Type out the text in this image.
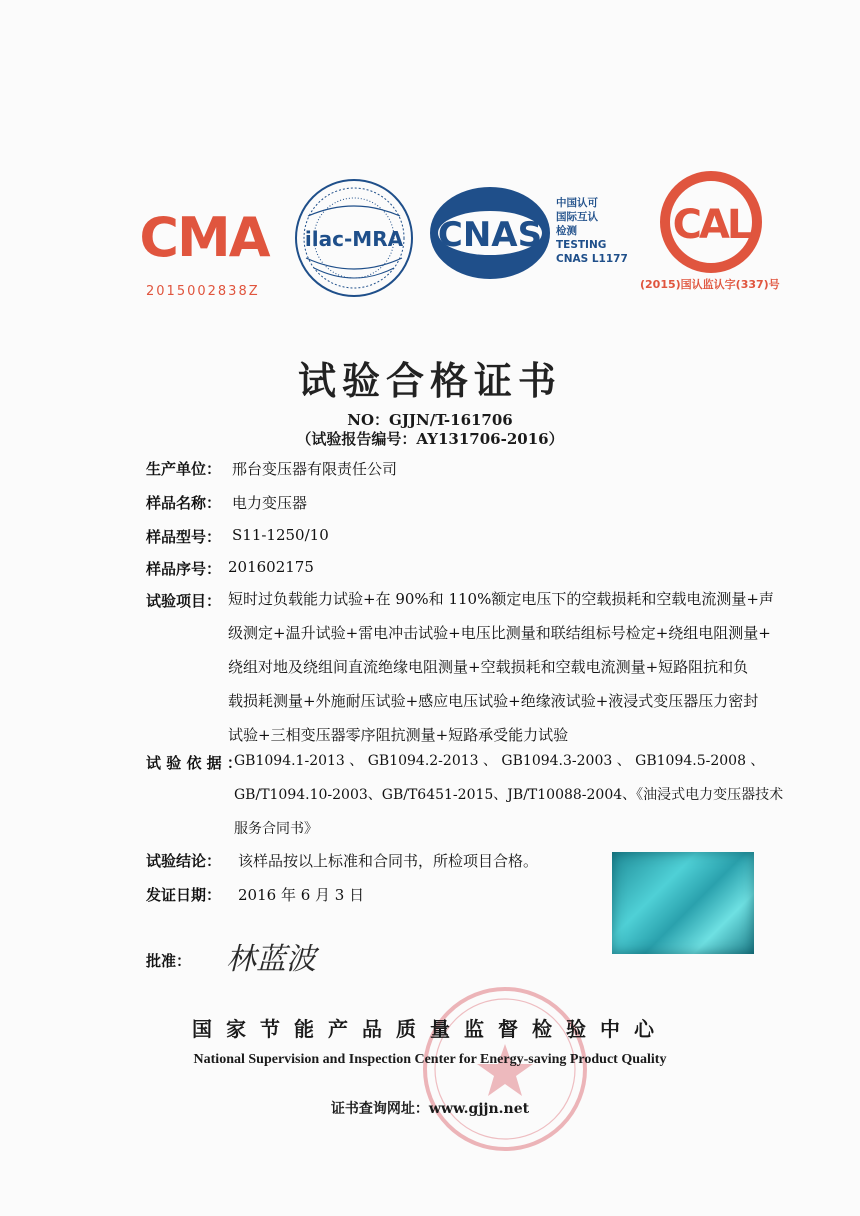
CMA
2015002838Z
ilac-MRA CNAS
中国认可
国际互认
检测
TESTING
CNAS L1177
CAL
(2015)国认监认字(337)号
试验合格证书
NO：GJJN/T-161706
（试验报告编号：AY131706-2016）
生产单位： 邢台变压器有限责任公司
样品名称： 电力变压器
样品型号： S11-1250/10
样品序号： 201602175
试验项目： 短时过负载能力试验+在 90%和 110%额定电压下的空载损耗和空载电流测量+声
级测定+温升试验+雷电冲击试验+电压比测量和联结组标号检定+绕组电阻测量+
绕组对地及绕组间直流绝缘电阻测量+空载损耗和空载电流测量+短路阻抗和负
载损耗测量+外施耐压试验+感应电压试验+绝缘液试验+液浸式变压器压力密封
试验+三相变压器零序阻抗测量+短路承受能力试验
试 验 依 据 ：
GB1094.1-2013 、 GB1094.2-2013 、 GB1094.3-2003 、 GB1094.5-2008 、
GB/T1094.10-2003、GB/T6451-2015、JB/T10088-2004、《油浸式电力变压器技术
服务合同书》
试验结论： 该样品按以上标准和合同书，所检项目合格。
发证日期： 2016 年 6 月 3 日
批准： 林蓝波
国家节能产品质量监督检验中心
National Supervision and Inspection Center for Energy-saving Product Quality
证书查询网址：www.gjjn.net
